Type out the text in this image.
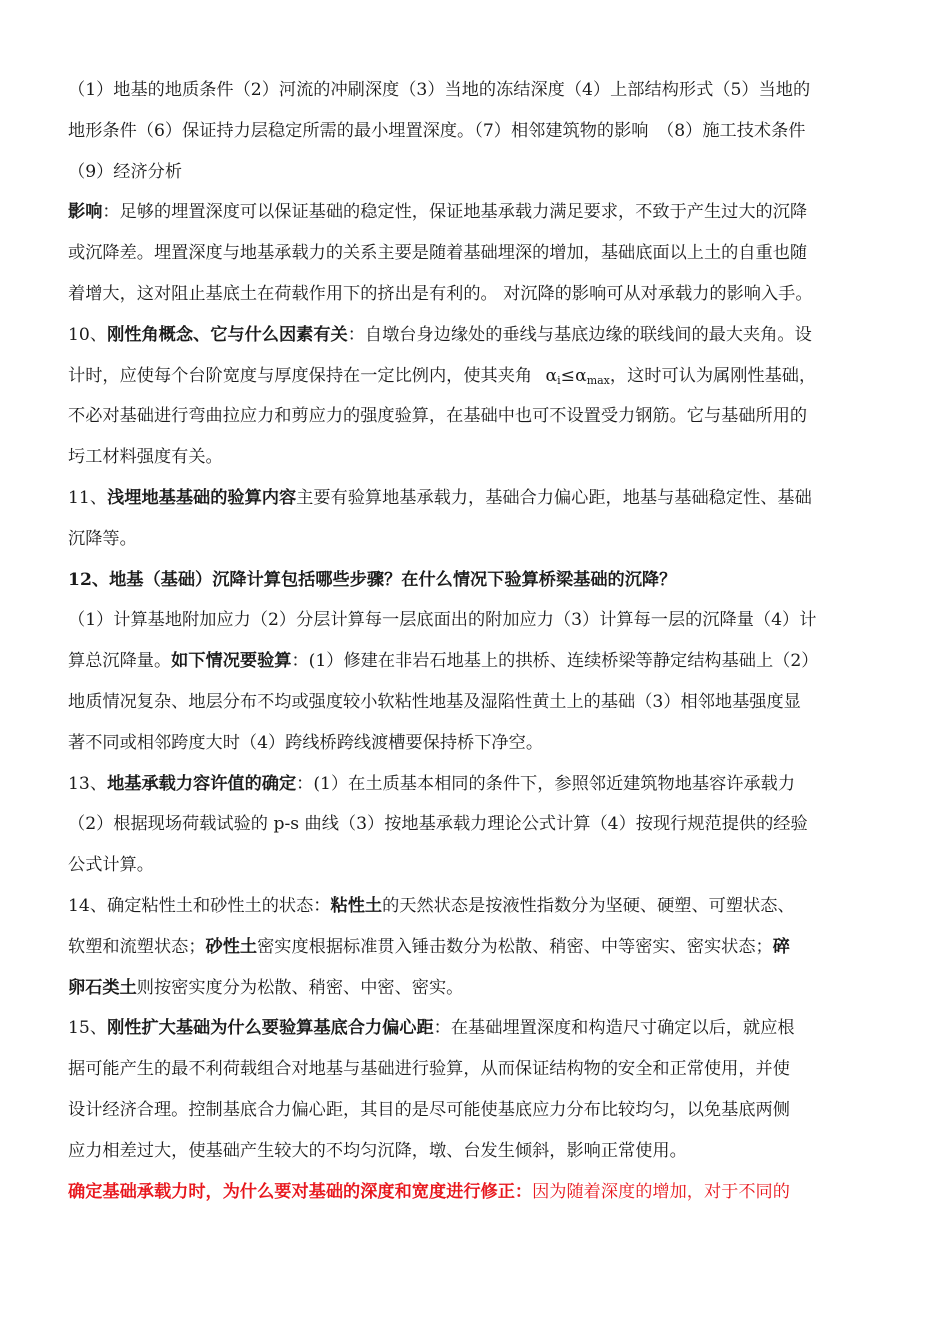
（1）地基的地质条件（2）河流的冲刷深度（3）当地的冻结深度（4）上部结构形式（5）当地的
地形条件（6）保证持力层稳定所需的最小埋置深度。（7）相邻建筑物的影响　（8）施工技术条件
（9）经济分析
影响：足够的埋置深度可以保证基础的稳定性，保证地基承载力满足要求，不致于产生过大的沉降
或沉降差。埋置深度与地基承载力的关系主要是随着基础埋深的增加，基础底面以上土的自重也随
着增大，这对阻止基底土在荷载作用下的挤出是有利的。 对沉降的影响可从对承载力的影响入手。
10、刚性角概念、它与什么因素有关：自墩台身边缘处的垂线与基底边缘的联线间的最大夹角。设
计时，应使每个台阶宽度与厚度保持在一定比例内，使其夹角 $\alpha_i\le\alpha_{max}$，这时可认为属刚性基础，
不必对基础进行弯曲拉应力和剪应力的强度验算，在基础中也可不设置受力钢筋。它与基础所用的
圬工材料强度有关。
11、浅埋地基基础的验算内容主要有验算地基承载力，基础合力偏心距，地基与基础稳定性、基础
沉降等。
12、地基（基础）沉降计算包括哪些步骤？在什么情况下验算桥梁基础的沉降？
（1）计算基地附加应力（2）分层计算每一层底面出的附加应力（3）计算每一层的沉降量（4）计
算总沉降量。如下情况要验算：(1）修建在非岩石地基上的拱桥、连续桥梁等静定结构基础上（2）
地质情况复杂、地层分布不均或强度较小软粘性地基及湿陷性黄土上的基础（3）相邻地基强度显
著不同或相邻跨度大时（4）跨线桥跨线渡槽要保持桥下净空。
13、地基承载力容许值的确定：(1）在土质基本相同的条件下，参照邻近建筑物地基容许承载力
（2）根据现场荷载试验的 p-s 曲线（3）按地基承载力理论公式计算（4）按现行规范提供的经验
公式计算。
14、确定粘性土和砂性土的状态：粘性土的天然状态是按液性指数分为坚硬、硬塑、可塑状态、
软塑和流塑状态；砂性土密实度根据标准贯入锤击数分为松散、稍密、中等密实、密实状态；碎
卵石类土则按密实度分为松散、稍密、中密、密实。
15、刚性扩大基础为什么要验算基底合力偏心距：在基础埋置深度和构造尺寸确定以后，就应根
据可能产生的最不利荷载组合对地基与基础进行验算，从而保证结构物的安全和正常使用，并使
设计经济合理。控制基底合力偏心距，其目的是尽可能使基底应力分布比较均匀，以免基底两侧
应力相差过大，使基础产生较大的不均匀沉降，墩、台发生倾斜，影响正常使用。
确定基础承载力时，为什么要对基础的深度和宽度进行修正：因为随着深度的增加，对于不同的
